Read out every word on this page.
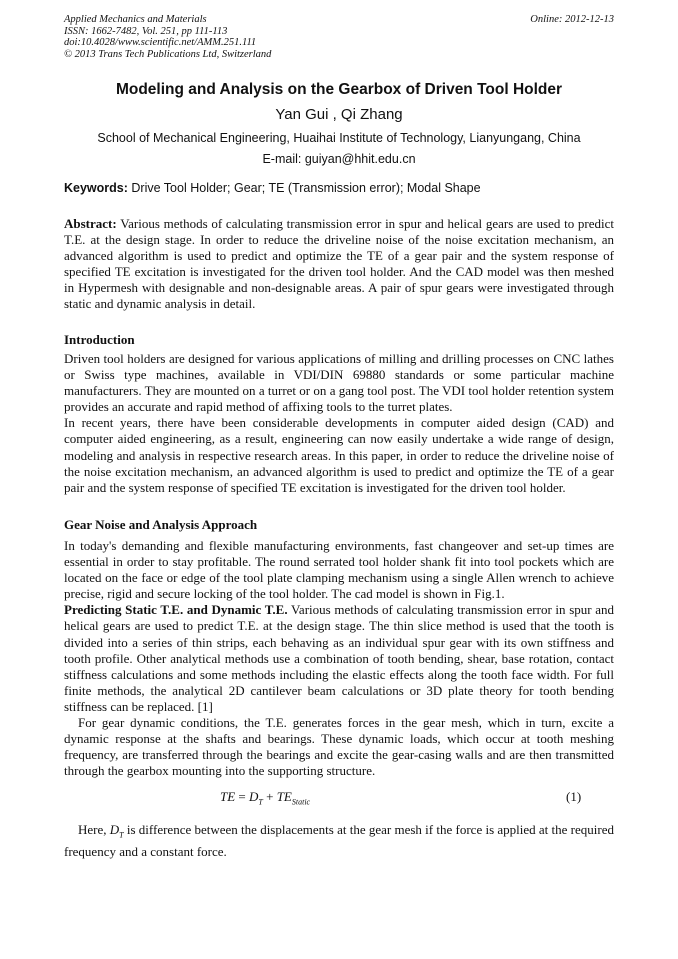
Applied Mechanics and Materials
ISSN: 1662-7482, Vol. 251, pp 111-113
doi:10.4028/www.scientific.net/AMM.251.111
© 2013 Trans Tech Publications Ltd, Switzerland
Online: 2012-12-13
Modeling and Analysis on the Gearbox of Driven Tool Holder
Yan Gui , Qi Zhang
School of Mechanical Engineering, Huaihai Institute of Technology, Lianyungang, China
E-mail: guiyan@hhit.edu.cn
Keywords: Drive Tool Holder; Gear; TE (Transmission error); Modal Shape

Abstract: Various methods of calculating transmission error in spur and helical gears are used to predict T.E. at the design stage. In order to reduce the driveline noise of the noise excitation mechanism, an advanced algorithm is used to predict and optimize the TE of a gear pair and the system response of specified TE excitation is investigated for the driven tool holder. And the CAD model was then meshed in Hypermesh with designable and non-designable areas. A pair of spur gears were investigated through static and dynamic analysis in detail.

Introduction

Driven tool holders are designed for various applications of milling and drilling processes on CNC lathes or Swiss type machines, available in VDI/DIN 69880 standards or some particular machine manufacturers. They are mounted on a turret or on a gang tool post. The VDI tool holder retention system provides an accurate and rapid method of affixing tools to the turret plates.

In recent years, there have been considerable developments in computer aided design (CAD) and computer aided engineering, as a result, engineering can now easily undertake a wide range of design, modeling and analysis in respective research areas. In this paper, in order to reduce the driveline noise of the noise excitation mechanism, an advanced algorithm is used to predict and optimize the TE of a gear pair and the system response of specified TE excitation is investigated for the driven tool holder.

Gear Noise and Analysis Approach

In today's demanding and flexible manufacturing environments, fast changeover and set-up times are essential in order to stay profitable. The round serrated tool holder shank fit into tool pockets which are located on the face or edge of the tool plate clamping mechanism using a single Allen wrench to achieve precise, rigid and secure locking of the tool holder. The cad model is shown in Fig.1.

Predicting Static T.E. and Dynamic T.E. Various methods of calculating transmission error in spur and helical gears are used to predict T.E. at the design stage. The thin slice method is used that the tooth is divided into a series of thin strips, each behaving as an individual spur gear with its own stiffness and tooth profile. Other analytical methods use a combination of tooth bending, shear, base rotation, contact stiffness calculations and some methods including the elastic effects along the tooth face width. For full finite methods, the analytical 2D cantilever beam calculations or 3D plate theory for tooth bending stiffness can be replaced. [1]

For gear dynamic conditions, the T.E. generates forces in the gear mesh, which in turn, excite a dynamic response at the shafts and bearings. These dynamic loads, which occur at tooth meshing frequency, are transferred through the bearings and excite the gear-casing walls and are then transmitted through the gearbox mounting into the supporting structure.

TE = $D_T + TE_{Static}$	(1)

Here, $D_T$ is difference between the displacements at the gear mesh if the force is applied at the required frequency and a constant force.
